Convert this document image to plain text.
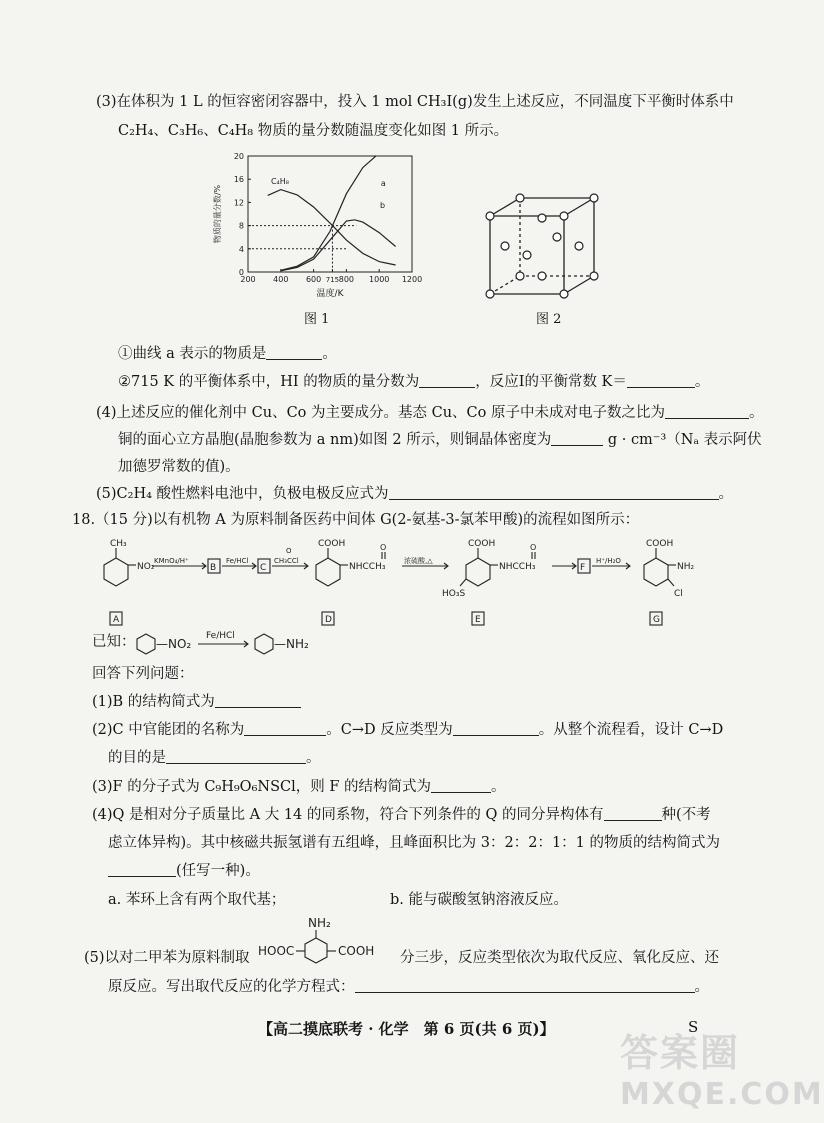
(3)在体积为 1 L 的恒容密闭容器中，投入 1 mol CH₃I(g)发生上述反应，不同温度下平衡时体系中
C₂H₄、C₃H₆、C₄H₈ 物质的量分数随温度变化如图 1 所示。
0
4
8
12
16
20
200 400 600 715 800 1000 1200
C₄H₈	a
b
温度/K
物质的量分数/%
图 1	图 2
①曲线 a 表示的物质是	。
②715 K 的平衡体系中，HI 的物质的量分数为	，反应Ⅰ的平衡常数 K＝	。
(4)上述反应的催化剂中 Cu、Co 为主要成分。基态 Cu、Co 原子中未成对电子数之比为	。
铜的面心立方晶胞(晶胞参数为 a nm)如图 2 所示，则铜晶体密度为	g · cm⁻³（Nₐ 表示阿伏
加德罗常数的值)。
(5)C₂H₄ 酸性燃料电池中，负极电极反应式为	。
18.（15 分)以有机物 A 为原料制备医药中间体 G(2-氨基-3-氯苯甲酸)的流程如图所示：
CH₃
NO₂
KMnO₄/H⁺
B
Fe/HCl
C
O
CH₃CCl
COOH
NHCCH₃
O
浓硫酸,△
COOH
NHCCH₃
O
HO₃S
F
H⁺/H₂O
COOH
NH₂
Cl
A	D	E	G
已知： —NO₂
Fe/HCl
—NH₂
回答下列问题：
(1)B 的结构简式为
(2)C 中官能团的名称为	。C→D 反应类型为	。从整个流程看，设计 C→D
的目的是	。
(3)F 的分子式为 C₉H₉O₆NSCl，则 F 的结构简式为	。
(4)Q 是相对分子质量比 A 大 14 的同系物，符合下列条件的 Q 的同分异构体有	种(不考
虑立体异构)。其中核磁共振氢谱有五组峰，且峰面积比为 3：2：2：1：1 的物质的结构简式为
(任写一种)。
a. 苯环上含有两个取代基；	b. 能与碳酸氢钠溶液反应。
(5)以对二甲苯为原料制取
NH₂
HOOC	COOH 分三步，反应类型依次为取代反应、氧化反应、还
原反应。写出取代反应的化学方程式：	。
【高二摸底联考 · 化学　第 6 页(共 6 页)】	S
答案圈
MXQE.COM
